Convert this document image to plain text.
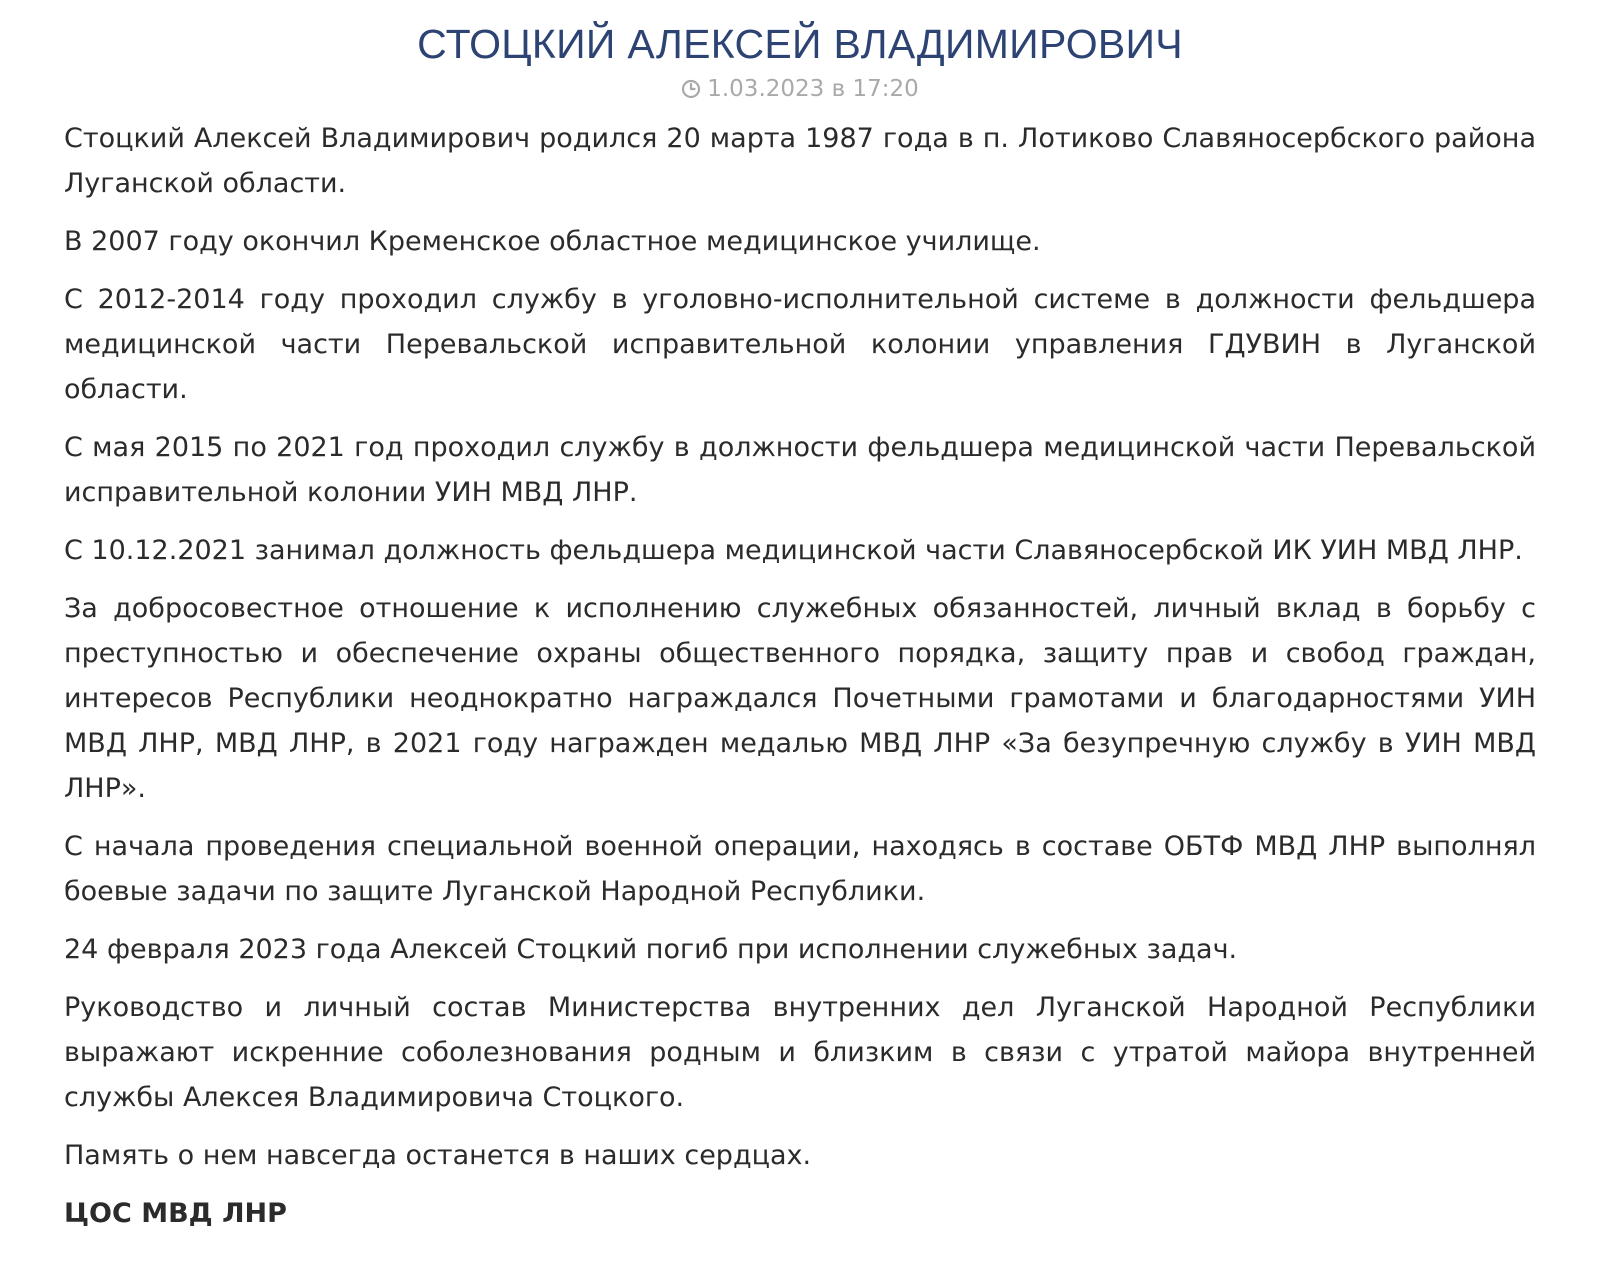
СТОЦКИЙ АЛЕКСЕЙ ВЛАДИМИРОВИЧ
1.03.2023 в 17:20

Стоцкий Алексей Владимирович родился 20 марта 1987 года в п. Лотиково Славяносербского района Луганской области.

В 2007 году окончил Кременское областное медицинское училище.

С 2012-2014 году проходил службу в уголовно-исполнительной системе в должности фельдшера медицинской части Перевальской исправительной колонии управления ГДУВИН в Луганской области.

С мая 2015 по 2021 год проходил службу в должности фельдшера медицинской части Перевальской исправительной колонии УИН МВД ЛНР.

С 10.12.2021 занимал должность фельдшера медицинской части Славяносербской ИК УИН МВД ЛНР.

За добросовестное отношение к исполнению служебных обязанностей, личный вклад в борьбу с преступностью и обеспечение охраны общественного порядка, защиту прав и свобод граждан, интересов Республики неоднократно награждался Почетными грамотами и благодарностями УИН МВД ЛНР, МВД ЛНР, в 2021 году награжден медалью МВД ЛНР «За безупречную службу в УИН МВД ЛНР».

С начала проведения специальной военной операции, находясь в составе ОБТФ МВД ЛНР выполнял боевые задачи по защите Луганской Народной Республики.

24 февраля 2023 года Алексей Стоцкий погиб при исполнении служебных задач.

Руководство и личный состав Министерства внутренних дел Луганской Народной Республики выражают искренние соболезнования родным и близким в связи с утратой майора внутренней службы Алексея Владимировича Стоцкого.

Память о нем навсегда останется в наших сердцах.

ЦОС МВД ЛНР
